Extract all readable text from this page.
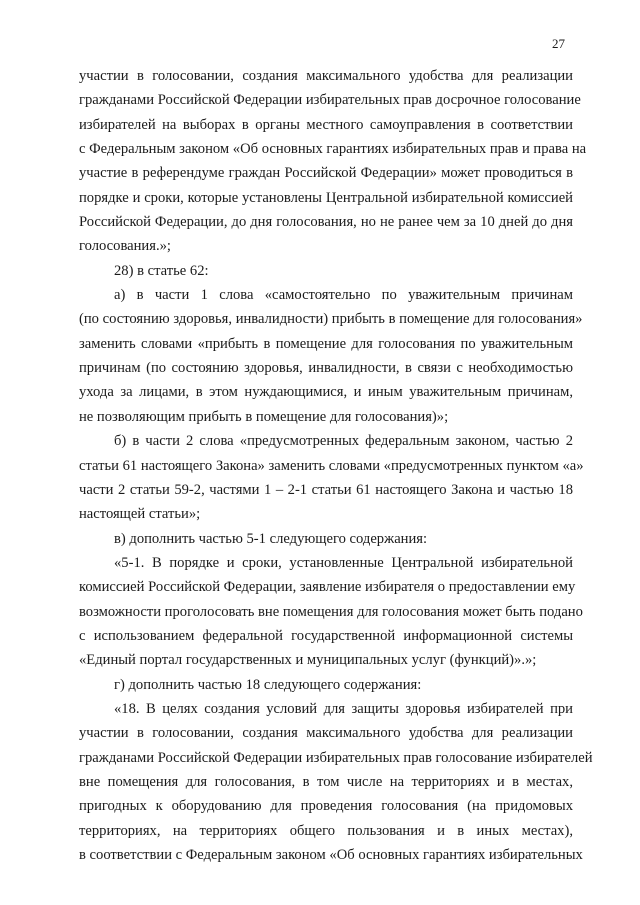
27
участии в голосовании, создания максимального удобства для реализации
гражданами Российской Федерации избирательных прав досрочное голосование
избирателей на выборах в органы местного самоуправления в соответствии
с Федеральным законом «Об основных гарантиях избирательных прав и права на
участие в референдуме граждан Российской Федерации» может проводиться в
порядке и сроки, которые установлены Центральной избирательной комиссией
Российской Федерации, до дня голосования, но не ранее чем за 10 дней до дня
голосования.»;
28) в статье 62:
а) в части 1 слова «самостоятельно по уважительным причинам
(по состоянию здоровья, инвалидности) прибыть в помещение для голосования»
заменить словами «прибыть в помещение для голосования по уважительным
причинам (по состоянию здоровья, инвалидности, в связи с необходимостью
ухода за лицами, в этом нуждающимися, и иным уважительным причинам,
не позволяющим прибыть в помещение для голосования)»;
б) в части 2 слова «предусмотренных федеральным законом, частью 2
статьи 61 настоящего Закона» заменить словами «предусмотренных пунктом «а»
части 2 статьи 59-2, частями 1 – 2-1 статьи 61 настоящего Закона и частью 18
настоящей статьи»;
в) дополнить частью 5-1 следующего содержания:
«5-1. В порядке и сроки, установленные Центральной избирательной
комиссией Российской Федерации, заявление избирателя о предоставлении ему
возможности проголосовать вне помещения для голосования может быть подано
с использованием федеральной государственной информационной системы
«Единый портал государственных и муниципальных услуг (функций)».»;
г) дополнить частью 18 следующего содержания:
«18. В целях создания условий для защиты здоровья избирателей при
участии в голосовании, создания максимального удобства для реализации
гражданами Российской Федерации избирательных прав голосование избирателей
вне помещения для голосования, в том числе на территориях и в местах,
пригодных к оборудованию для проведения голосования (на придомовых
территориях, на территориях общего пользования и в иных местах),
в соответствии с Федеральным законом «Об основных гарантиях избирательных
